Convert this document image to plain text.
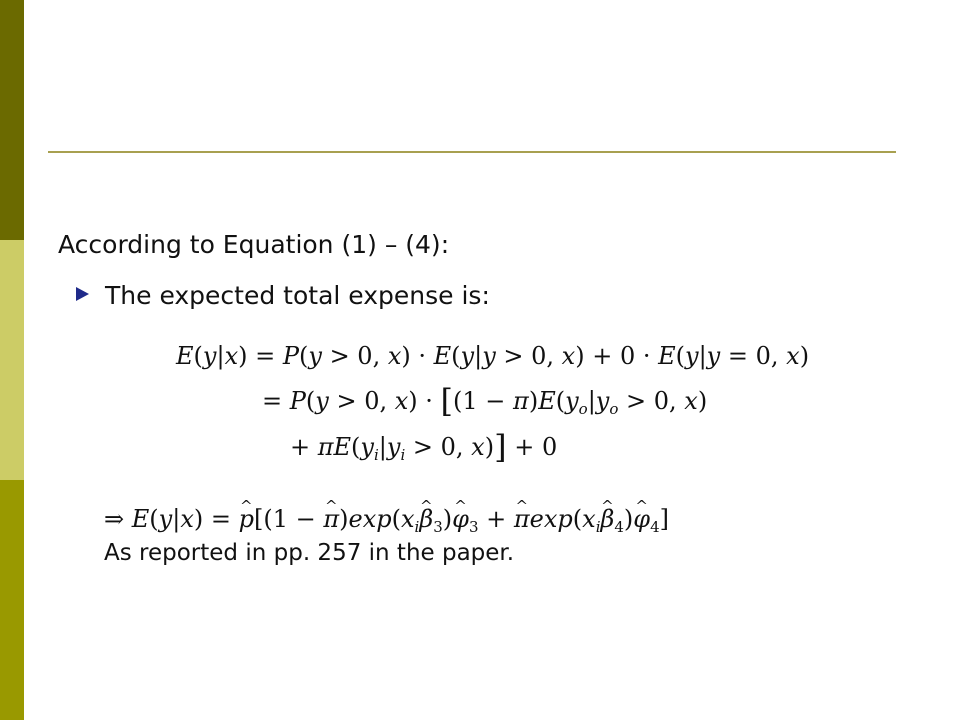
According to Equation (1) – (4):
The expected total expense is:
E(y|x) = P(y > 0, x) · E(y|y > 0, x) + 0 · E(y|y = 0, x)
= P(y > 0, $x) \cdot [(1 - \pi)E(y_o|y_o > 0$, x)
+ $\pi E(y_i|y_i > 0$, x)] + 0
⇒ E(y|x) = ^ p[(1 − ^ $\pi)\exp(x_i\^{}$ $\beta_3)\^{}$ $\varphi_3$ + ^ $\pi\exp(x_i\^{}$ $\beta_4)\^{}$ $\varphi_4$]
As reported in pp. 257 in the paper.
